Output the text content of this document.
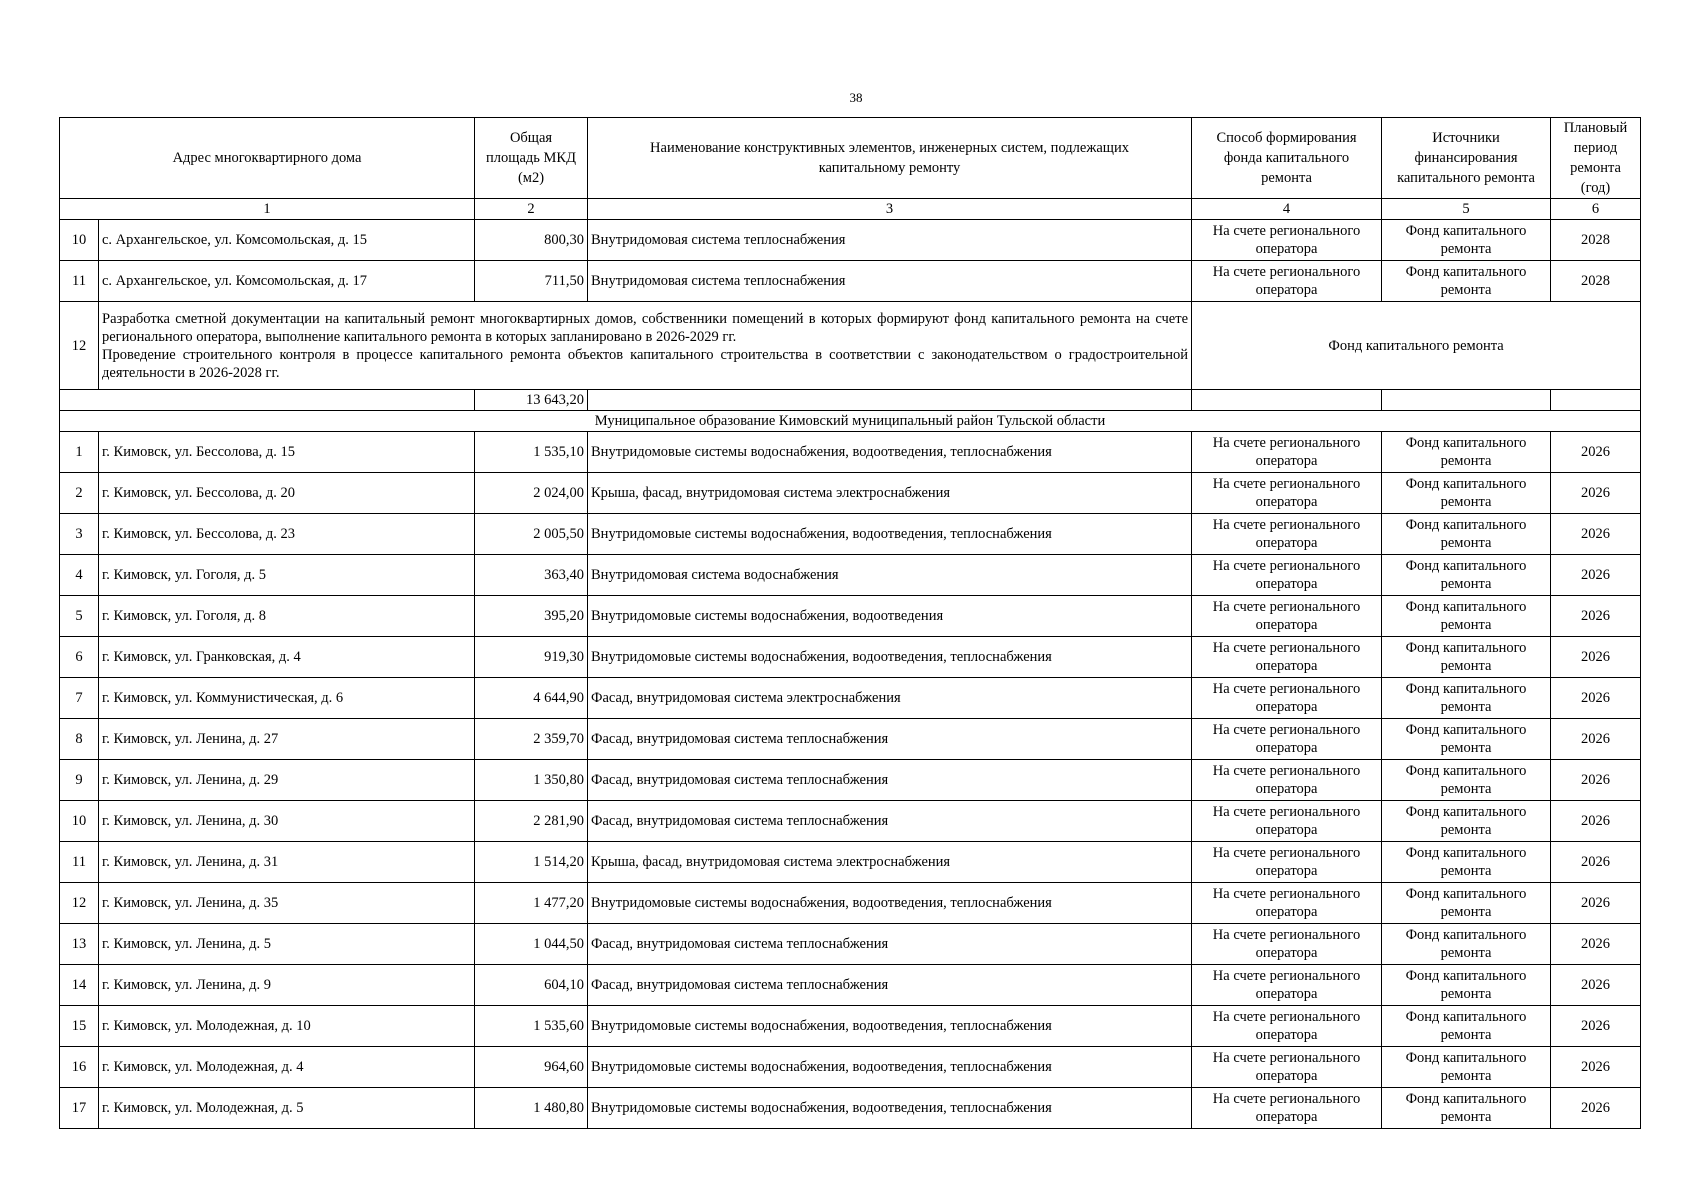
38
Адрес многоквартирного дома		Общая
площадь МКД
(м2)	Наименование конструктивных элементов, инженерных систем, подлежащих
капитальному ремонту	Способ формирования
фонда капитального
ремонта	Источники
финансирования
капитального ремонта	Плановый
период
ремонта
(год)
1		2	3	4	5	6
10	с. Архангельское, ул. Комсомольская, д. 15	800,30	Внутридомовая система теплоснабжения	На счете регионального оператора	Фонд капитального ремонта	2028
11	с. Архангельское, ул. Комсомольская, д. 17	711,50	Внутридомовая система теплоснабжения	На счете регионального оператора	Фонд капитального ремонта	2028
12	Разработка сметной документации на капитальный ремонт многоквартирных домов, собственники помещений в которых формируют фонд капитального ремонта на счете регионального оператора, выполнение капитального ремонта в которых запланировано в 2026-2029 гг.
Проведение строительного контроля в процессе капитального ремонта объектов капитального строительства в соответствии с законодательством о градостроительной деятельности в 2026-2028 гг.			Фонд капитального ремонта		
		13 643,20				
Муниципальное образование Кимовский муниципальный район Тульской области						
1	г. Кимовск, ул. Бессолова, д. 15	1 535,10	Внутридомовые системы водоснабжения, водоотведения, теплоснабжения	На счете регионального оператора	Фонд капитального ремонта	2026
2	г. Кимовск, ул. Бессолова, д. 20	2 024,00	Крыша, фасад, внутридомовая система электроснабжения	На счете регионального оператора	Фонд капитального ремонта	2026
3	г. Кимовск, ул. Бессолова, д. 23	2 005,50	Внутридомовые системы водоснабжения, водоотведения, теплоснабжения	На счете регионального оператора	Фонд капитального ремонта	2026
4	г. Кимовск, ул. Гоголя, д. 5	363,40	Внутридомовая система водоснабжения	На счете регионального оператора	Фонд капитального ремонта	2026
5	г. Кимовск, ул. Гоголя, д. 8	395,20	Внутридомовые системы водоснабжения, водоотведения	На счете регионального оператора	Фонд капитального ремонта	2026
6	г. Кимовск, ул. Гранковская, д. 4	919,30	Внутридомовые системы водоснабжения, водоотведения, теплоснабжения	На счете регионального оператора	Фонд капитального ремонта	2026
7	г. Кимовск, ул. Коммунистическая, д. 6	4 644,90	Фасад, внутридомовая система электроснабжения	На счете регионального оператора	Фонд капитального ремонта	2026
8	г. Кимовск, ул. Ленина, д. 27	2 359,70	Фасад, внутридомовая система теплоснабжения	На счете регионального оператора	Фонд капитального ремонта	2026
9	г. Кимовск, ул. Ленина, д. 29	1 350,80	Фасад, внутридомовая система теплоснабжения	На счете регионального оператора	Фонд капитального ремонта	2026
10	г. Кимовск, ул. Ленина, д. 30	2 281,90	Фасад, внутридомовая система теплоснабжения	На счете регионального оператора	Фонд капитального ремонта	2026
11	г. Кимовск, ул. Ленина, д. 31	1 514,20	Крыша, фасад, внутридомовая система электроснабжения	На счете регионального оператора	Фонд капитального ремонта	2026
12	г. Кимовск, ул. Ленина, д. 35	1 477,20	Внутридомовые системы водоснабжения, водоотведения, теплоснабжения	На счете регионального оператора	Фонд капитального ремонта	2026
13	г. Кимовск, ул. Ленина, д. 5	1 044,50	Фасад, внутридомовая система теплоснабжения	На счете регионального оператора	Фонд капитального ремонта	2026
14	г. Кимовск, ул. Ленина, д. 9	604,10	Фасад, внутридомовая система теплоснабжения	На счете регионального оператора	Фонд капитального ремонта	2026
15	г. Кимовск, ул. Молодежная, д. 10	1 535,60	Внутридомовые системы водоснабжения, водоотведения, теплоснабжения	На счете регионального оператора	Фонд капитального ремонта	2026
16	г. Кимовск, ул. Молодежная, д. 4	964,60	Внутридомовые системы водоснабжения, водоотведения, теплоснабжения	На счете регионального оператора	Фонд капитального ремонта	2026
17	г. Кимовск, ул. Молодежная, д. 5	1 480,80	Внутридомовые системы водоснабжения, водоотведения, теплоснабжения	На счете регионального оператора	Фонд капитального ремонта	2026
